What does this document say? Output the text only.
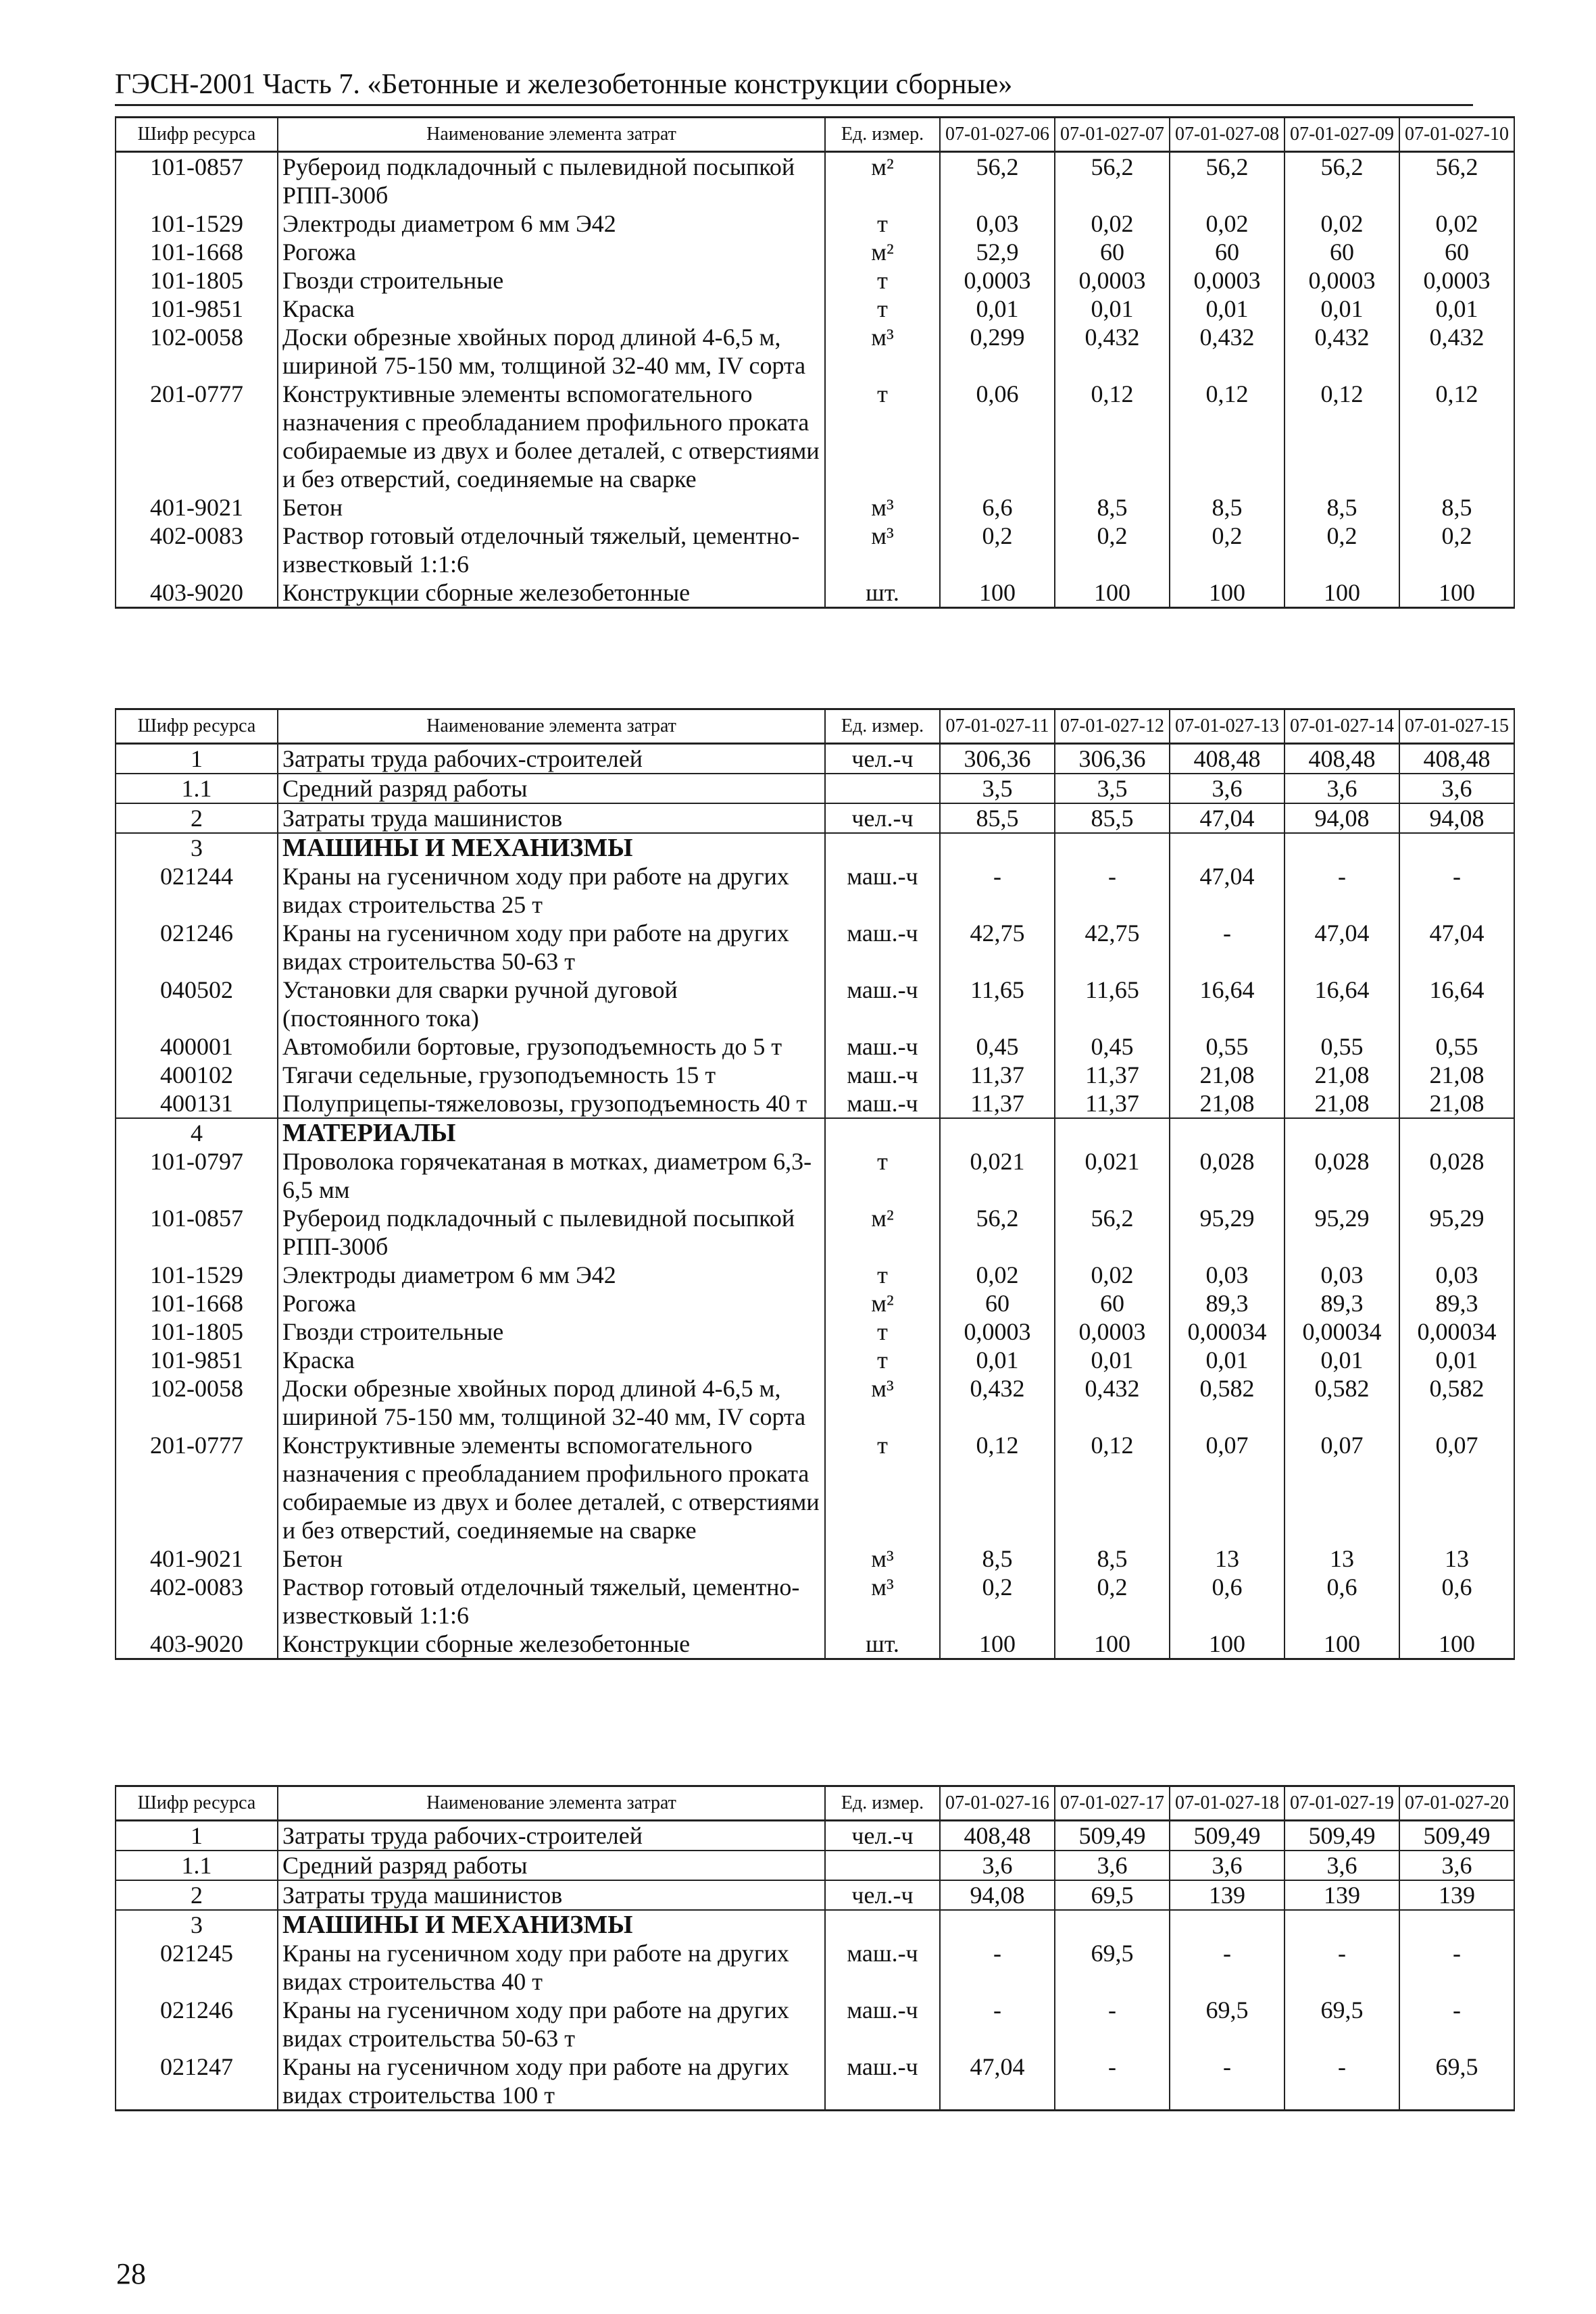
ГЭСН-2001 Часть 7. «Бетонные и железобетонные конструкции сборные»
Шифр ресурса	Наименование элемента затрат	Ед. измер.	07-01-027-06	07-01-027-07	07-01-027-08	07-01-027-09	07-01-027-10
101-0857	Рубероид подкладочный с пылевидной посыпкой РПП-300б	м²	56,2	56,2	56,2	56,2	56,2
101-1529	Электроды диаметром 6 мм Э42	т	0,03	0,02	0,02	0,02	0,02
101-1668	Рогожа	м²	52,9	60	60	60	60
101-1805	Гвозди строительные	т	0,0003	0,0003	0,0003	0,0003	0,0003
101-9851	Краска	т	0,01	0,01	0,01	0,01	0,01
102-0058	Доски обрезные хвойных пород длиной 4-6,5 м, шириной 75-150 мм, толщиной 32-40 мм, IV сорта	м³	0,299	0,432	0,432	0,432	0,432
201-0777	Конструктивные элементы вспомогательного назначения с преобладанием профильного проката собираемые из двух и более деталей, с отверстиями и без отверстий, соединяемые на сварке	т	0,06	0,12	0,12	0,12	0,12
401-9021	Бетон	м³	6,6	8,5	8,5	8,5	8,5
402-0083	Раствор готовый отделочный тяжелый, цементно-известковый 1:1:6	м³	0,2	0,2	0,2	0,2	0,2
403-9020	Конструкции сборные железобетонные	шт.	100	100	100	100	100
Шифр ресурса	Наименование элемента затрат	Ед. измер.	07-01-027-11	07-01-027-12	07-01-027-13	07-01-027-14	07-01-027-15
1	Затраты труда рабочих-строителей	чел.-ч	306,36	306,36	408,48	408,48	408,48
1.1	Средний разряд работы		3,5	3,5	3,6	3,6	3,6
2	Затраты труда машинистов	чел.-ч	85,5	85,5	47,04	94,08	94,08
3	МАШИНЫ И МЕХАНИЗМЫ						
021244	Краны на гусеничном ходу при работе на других видах строительства 25 т	маш.-ч	-	-	47,04	-	-
021246	Краны на гусеничном ходу при работе на других видах строительства 50-63 т	маш.-ч	42,75	42,75	-	47,04	47,04
040502	Установки для сварки ручной дуговой (постоянного тока)	маш.-ч	11,65	11,65	16,64	16,64	16,64
400001	Автомобили бортовые, грузоподъемность до 5 т	маш.-ч	0,45	0,45	0,55	0,55	0,55
400102	Тягачи седельные, грузоподъемность 15 т	маш.-ч	11,37	11,37	21,08	21,08	21,08
400131	Полуприцепы-тяжеловозы, грузоподъемность 40 т	маш.-ч	11,37	11,37	21,08	21,08	21,08
4	МАТЕРИАЛЫ						
101-0797	Проволока горячекатаная в мотках, диаметром 6,3-6,5 мм	т	0,021	0,021	0,028	0,028	0,028
101-0857	Рубероид подкладочный с пылевидной посыпкой РПП-300б	м²	56,2	56,2	95,29	95,29	95,29
101-1529	Электроды диаметром 6 мм Э42	т	0,02	0,02	0,03	0,03	0,03
101-1668	Рогожа	м²	60	60	89,3	89,3	89,3
101-1805	Гвозди строительные	т	0,0003	0,0003	0,00034	0,00034	0,00034
101-9851	Краска	т	0,01	0,01	0,01	0,01	0,01
102-0058	Доски обрезные хвойных пород длиной 4-6,5 м, шириной 75-150 мм, толщиной 32-40 мм, IV сорта	м³	0,432	0,432	0,582	0,582	0,582
201-0777	Конструктивные элементы вспомогательного назначения с преобладанием профильного проката собираемые из двух и более деталей, с отверстиями и без отверстий, соединяемые на сварке	т	0,12	0,12	0,07	0,07	0,07
401-9021	Бетон	м³	8,5	8,5	13	13	13
402-0083	Раствор готовый отделочный тяжелый, цементно-известковый 1:1:6	м³	0,2	0,2	0,6	0,6	0,6
403-9020	Конструкции сборные железобетонные	шт.	100	100	100	100	100
Шифр ресурса	Наименование элемента затрат	Ед. измер.	07-01-027-16	07-01-027-17	07-01-027-18	07-01-027-19	07-01-027-20
1	Затраты труда рабочих-строителей	чел.-ч	408,48	509,49	509,49	509,49	509,49
1.1	Средний разряд работы		3,6	3,6	3,6	3,6	3,6
2	Затраты труда машинистов	чел.-ч	94,08	69,5	139	139	139
3	МАШИНЫ И МЕХАНИЗМЫ						
021245	Краны на гусеничном ходу при работе на других видах строительства 40 т	маш.-ч	-	69,5	-	-	-
021246	Краны на гусеничном ходу при работе на других видах строительства 50-63 т	маш.-ч	-	-	69,5	69,5	-
021247	Краны на гусеничном ходу при работе на других видах строительства 100 т	маш.-ч	47,04	-	-	-	69,5
28
